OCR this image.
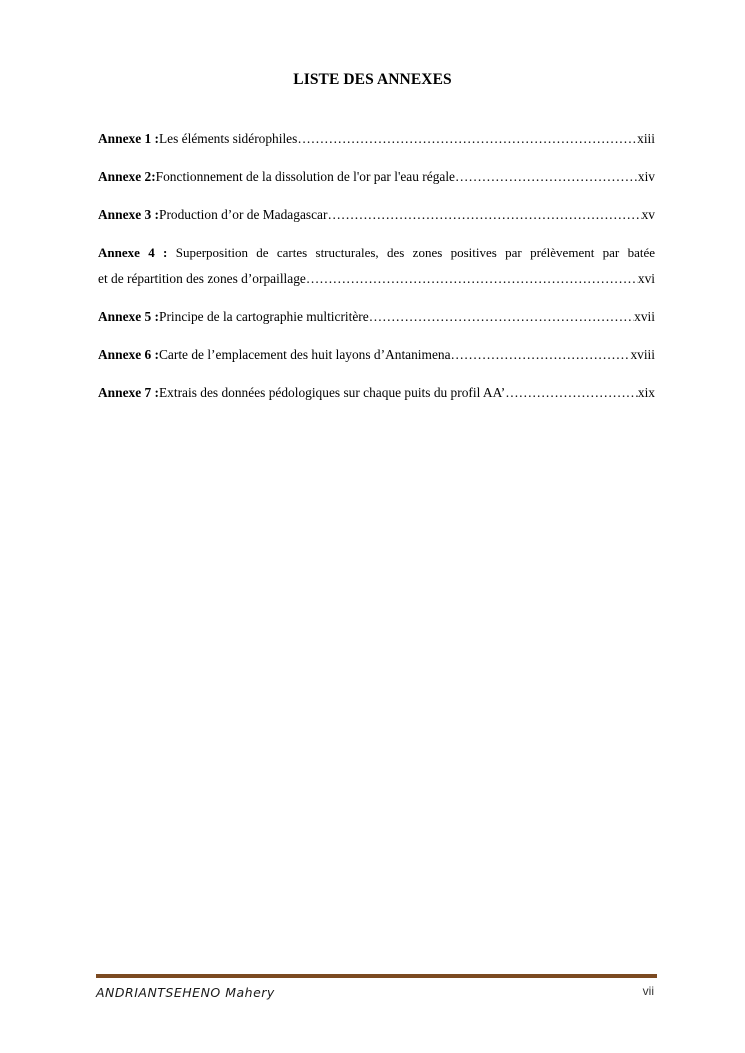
LISTE DES ANNEXES
Annexe 1 : Les éléments sidérophiles …………………………………………………………………………………………………………………………………………………………………………………………………	xiii
Annexe 2: Fonctionnement de la dissolution de l'or par l'eau régale …………………………………………………………………………………………………………………………………………………………………………………………………	xiv
Annexe 3 : Production d’or de Madagascar …………………………………………………………………………………………………………………………………………………………………………………………………	xv
Annexe 4 : Superposition de cartes structurales, des zones positives par prélèvement par batée
et de répartition des zones d’orpaillage …………………………………………………………………………………………………………………………………………………………………………………………………	xvi
Annexe 5 : Principe de la cartographie multicritère …………………………………………………………………………………………………………………………………………………………………………………………………	xvii
Annexe 6 : Carte de l’emplacement des huit layons d’Antanimena …………………………………………………………………………………………………………………………………………………………………………………………………	xviii
Annexe 7 : Extrais des données pédologiques sur chaque puits du profil AA’ …………………………………………………………………………………………………………………………………………………………………………………………………	xix
ANDRIANTSEHENO Mahery	vii
